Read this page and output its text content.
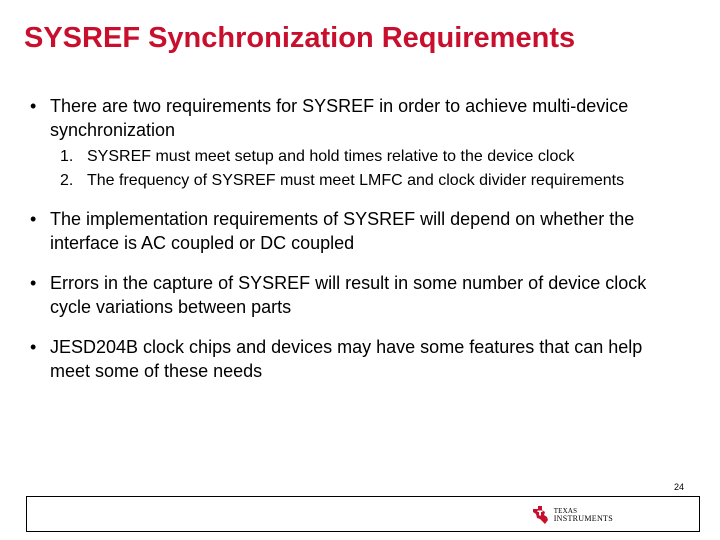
SYSREF Synchronization Requirements
• There are two requirements for SYSREF in order to achieve multi-device synchronization
1. SYSREF must meet setup and hold times relative to the device clock
2. The frequency of SYSREF must meet LMFC and clock divider requirements
• The implementation requirements of SYSREF will depend on whether the interface is AC coupled or DC coupled
• Errors in the capture of SYSREF will result in some number of device clock cycle variations between parts
• JESD204B clock chips and devices may have some features that can help meet some of these needs
24
TEXAS
INSTRUMENTS
